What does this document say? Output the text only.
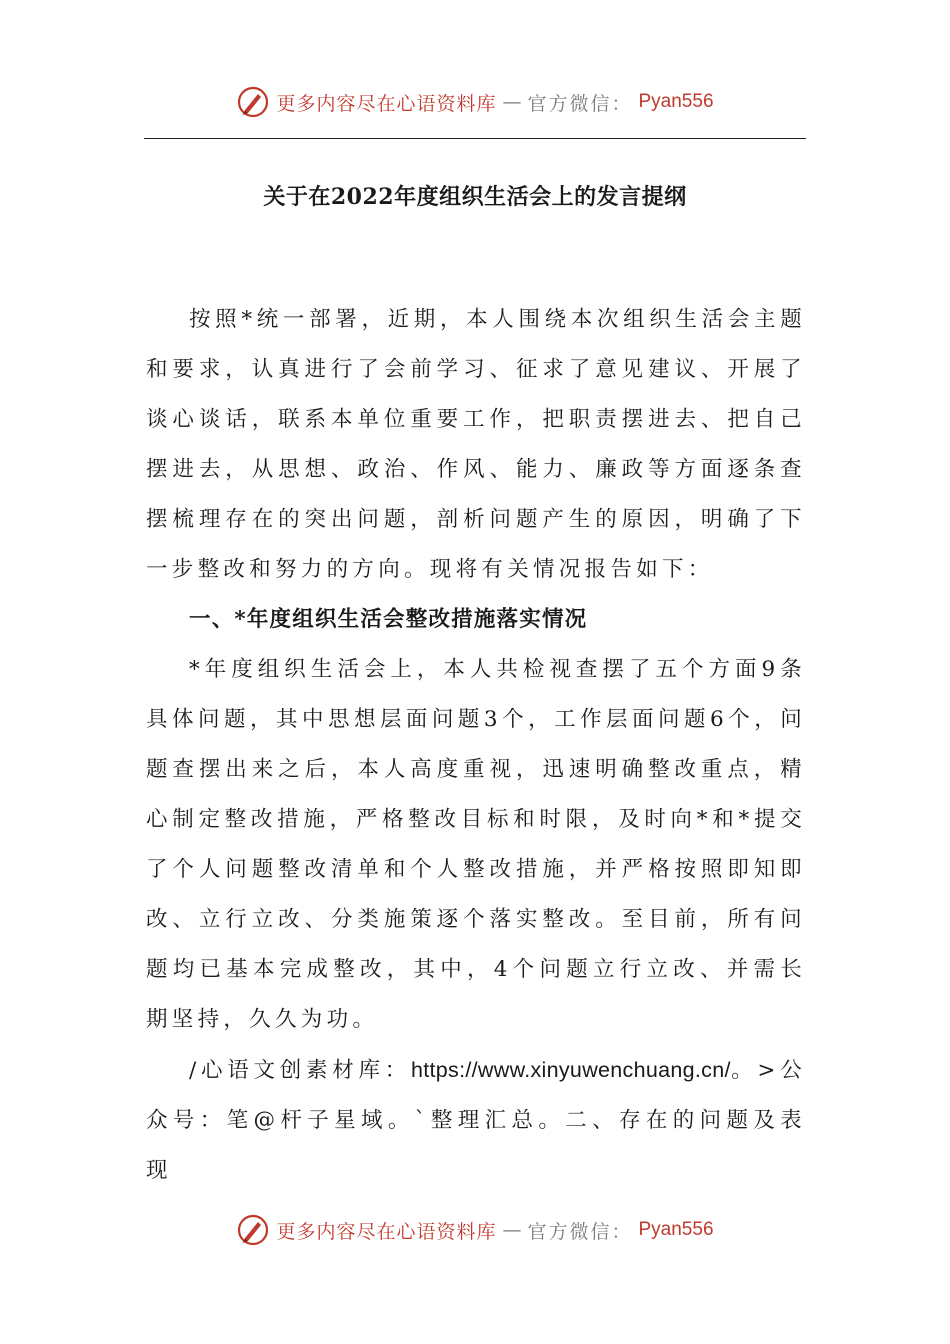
更多内容尽在心语资料库 — 官方微信： Pyan556
关于在2022年度组织生活会上的发言提纲

按照*统一部署，近期，本人围绕本次组织生活会主题和要求，认真进行了会前学习、征求了意见建议、开展了谈心谈话，联系本单位重要工作，把职责摆进去、把自己摆进去，从思想、政治、作风、能力、廉政等方面逐条查摆梳理存在的突出问题，剖析问题产生的原因，明确了下一步整改和努力的方向。现将有关情况报告如下：

一、*年度组织生活会整改措施落实情况

*年度组织生活会上，本人共检视查摆了五个方面9条具体问题，其中思想层面问题3个，工作层面问题6个，问题查摆出来之后，本人高度重视，迅速明确整改重点，精心制定整改措施，严格整改目标和时限，及时向*和*提交了个人问题整改清单和个人整改措施，并严格按照即知即改、立行立改、分类施策逐个落实整改。至目前，所有问题均已基本完成整改，其中，4个问题立行立改、并需长期坚持，久久为功。

/心语文创素材库：https://www.xinyuwenchuang.cn/。>公众号：笔@杆子星域。`整理汇总。二、存在的问题及表现

更多内容尽在心语资料库 — 官方微信： Pyan556
